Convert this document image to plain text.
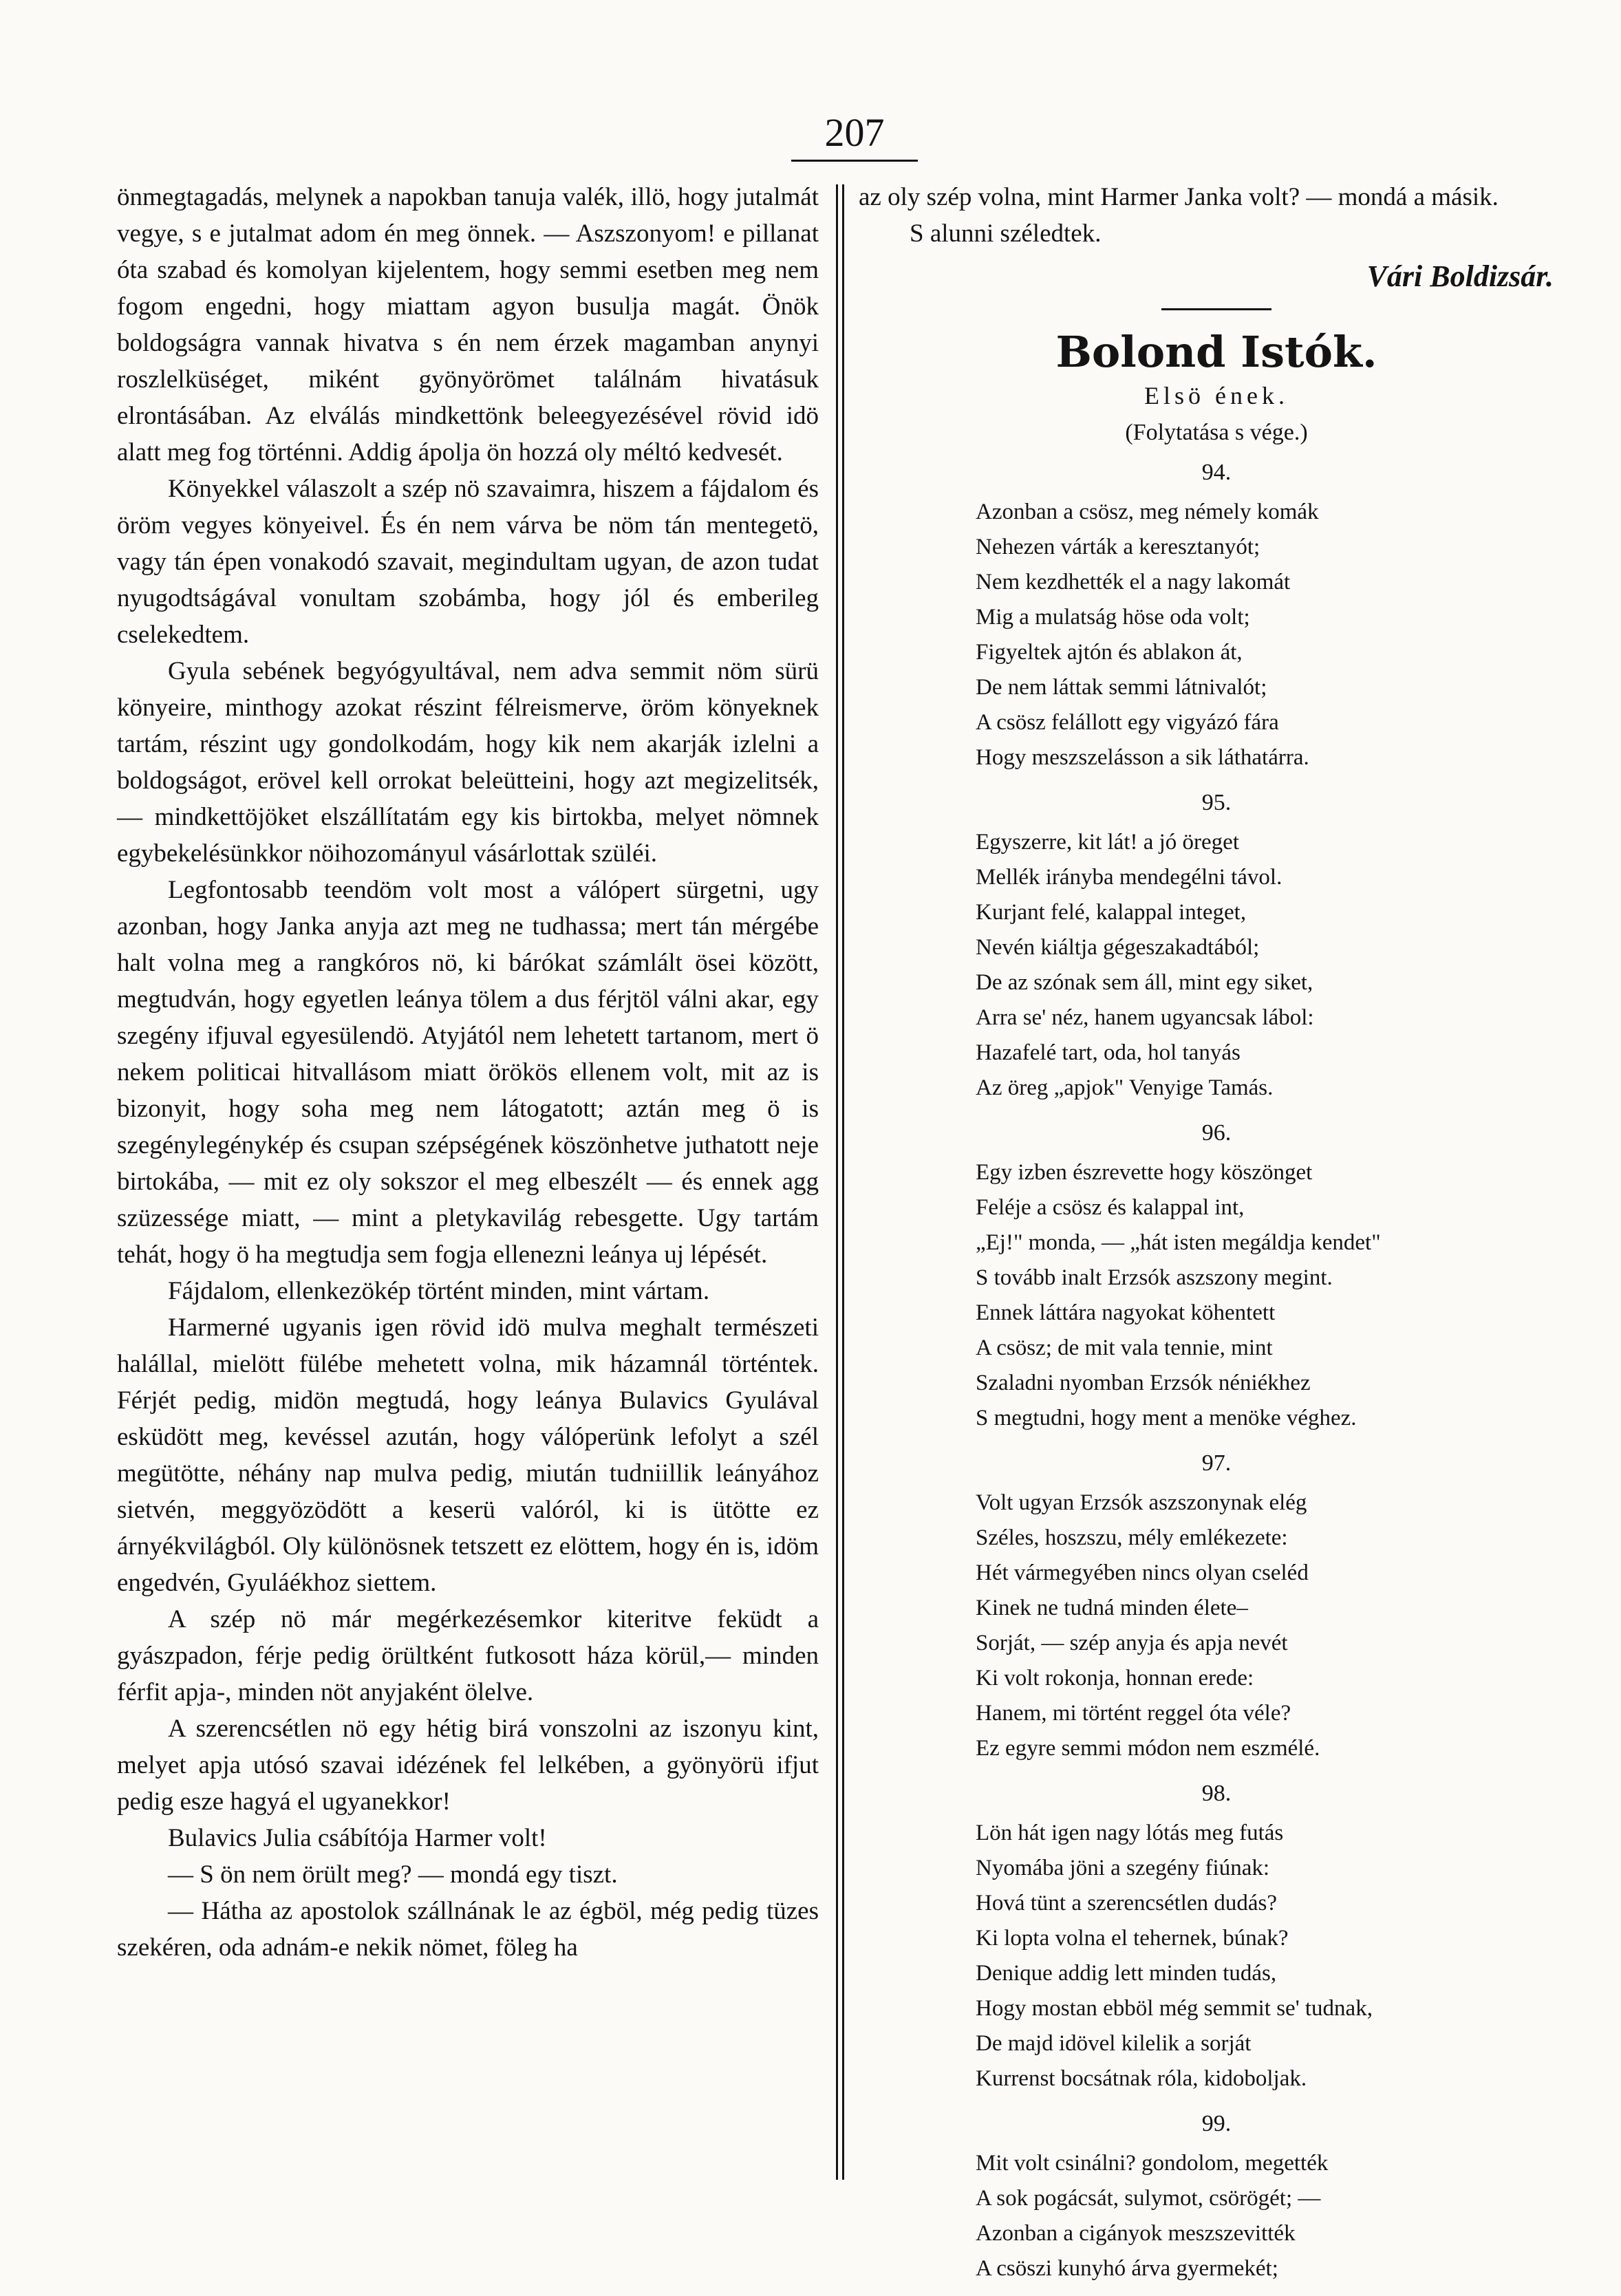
207

önmegtagadás, melynek a napokban tanuja valék, illö, hogy jutalmát vegye, s e jutalmat adom én meg önnek. — Aszszonyom! e pillanat óta szabad és komolyan kijelentem, hogy semmi esetben meg nem fogom engedni, hogy miattam agyon busulja magát. Önök boldogságra vannak hivatva s én nem érzek magamban anynyi roszlelküséget, miként gyönyörömet találnám hivatásuk elrontásában. Az elválás mindkettönk beleegyezésével rövid idö alatt meg fog történni. Addig ápolja ön hozzá oly méltó kedvesét.

Könyekkel válaszolt a szép nö szavaimra, hiszem a fájdalom és öröm vegyes könyeivel. És én nem várva be nöm tán mentegetö, vagy tán épen vonakodó szavait, megindultam ugyan, de azon tudat nyugodtságával vonultam szobámba, hogy jól és emberileg cselekedtem.

Gyula sebének begyógyultával, nem adva semmit nöm sürü könyeire, minthogy azokat részint félreismerve, öröm könyeknek tartám, részint ugy gondolkodám, hogy kik nem akarják izlelni a boldogságot, erövel kell orrokat beleütteini, hogy azt megizelitsék, — mindkettöjöket elszállítatám egy kis birtokba, melyet nömnek egybekelésünkkor nöihozományul vásárlottak szüléi.

Legfontosabb teendöm volt most a válópert sürgetni, ugy azonban, hogy Janka anyja azt meg ne tudhassa; mert tán mérgébe halt volna meg a rangkóros nö, ki bárókat számlált ösei között, megtudván, hogy egyetlen leánya tölem a dus férjtöl válni akar, egy szegény ifjuval egyesülendö. Atyjától nem lehetett tartanom, mert ö nekem politicai hitvallásom miatt örökös ellenem volt, mit az is bizonyit, hogy soha meg nem látogatott; aztán meg ö is szegénylegénykép és csupan szépségének köszönhetve juthatott neje birtokába, — mit ez oly sokszor el meg elbeszélt — és ennek agg szüzessége miatt, — mint a pletykavilág rebesgette. Ugy tartám tehát, hogy ö ha megtudja sem fogja ellenezni leánya uj lépését.

Fájdalom, ellenkezökép történt minden, mint vártam.

Harmerné ugyanis igen rövid idö mulva meghalt természeti halállal, mielött fülébe mehetett volna, mik házamnál történtek. Férjét pedig, midön megtudá, hogy leánya Bulavics Gyulával esküdött meg, kevéssel azután, hogy válóperünk lefolyt a szél megütötte, néhány nap mulva pedig, miután tudniillik leányához sietvén, meggyözödött a keserü valóról, ki is ütötte ez árnyékvilágból. Oly különösnek tetszett ez elöttem, hogy én is, idöm engedvén, Gyuláékhoz siettem.

A szép nö már megérkezésemkor kiteritve feküdt a gyászpadon, férje pedig örültként futkosott háza körül,— minden férfit apja-, minden nöt anyjaként ölelve.

A szerencsétlen nö egy hétig birá vonszolni az iszonyu kint, melyet apja utósó szavai idézének fel lelkében, a gyönyörü ifjut pedig esze hagyá el ugyanekkor!

Bulavics Julia csábítója Harmer volt!

— S ön nem örült meg? — mondá egy tiszt.

— Hátha az apostolok szállnának le az égböl, még pedig tüzes szekéren, oda adnám-e nekik nömet, föleg ha

az oly szép volna, mint Harmer Janka volt? — mondá a másik.

S alunni széledtek.

Vári Boldizsár.
Bolond Istók.
Elsö ének.
(Folytatása s vége.)
94.
Azonban a csösz, meg némely komák
Nehezen várták a keresztanyót;
Nem kezdhették el a nagy lakomát
Mig a mulatság höse oda volt;
Figyeltek ajtón és ablakon át,
De nem láttak semmi látnivalót;
A csösz felállott egy vigyázó fára
Hogy meszszelásson a sik láthatárra.
95.
Egyszerre, kit lát! a jó öreget
Mellék irányba mendegélni távol.
Kurjant felé, kalappal integet,
Nevén kiáltja gégeszakadtából;
De az szónak sem áll, mint egy siket,
Arra se' néz, hanem ugyancsak lábol:
Hazafelé tart, oda, hol tanyás
Az öreg „apjok" Venyige Tamás.
96.
Egy izben észrevette hogy köszönget
Feléje a csösz és kalappal int,
„Ej!" monda, — „hát isten megáldja kendet"
S tovább inalt Erzsók aszszony megint.
Ennek láttára nagyokat köhentett
A csösz; de mit vala tennie, mint
Szaladni nyomban Erzsók néniékhez
S megtudni, hogy ment a menöke véghez.
97.
Volt ugyan Erzsók aszszonynak elég
Széles, hoszszu, mély emlékezete:
Hét vármegyében nincs olyan cseléd
Kinek ne tudná minden élete–
Sorját, — szép anyja és apja nevét
Ki volt rokonja, honnan erede:
Hanem, mi történt reggel óta véle?
Ez egyre semmi módon nem eszmélé.
98.
Lön hát igen nagy lótás meg futás
Nyomába jöni a szegény fiúnak:
Hová tünt a szerencsétlen dudás?
Ki lopta volna el tehernek, búnak?
Denique addig lett minden tudás,
Hogy mostan ebböl még semmit se' tudnak,
De majd idövel kilelik a sorját
Kurrenst bocsátnak róla, kidoboljak.
99.
Mit volt csinálni? gondolom, megették
A sok pogácsát, sulymot, csörögét; —
Azonban a cigányok meszszevitték
A csöszi kunyhó árva gyermekét;
